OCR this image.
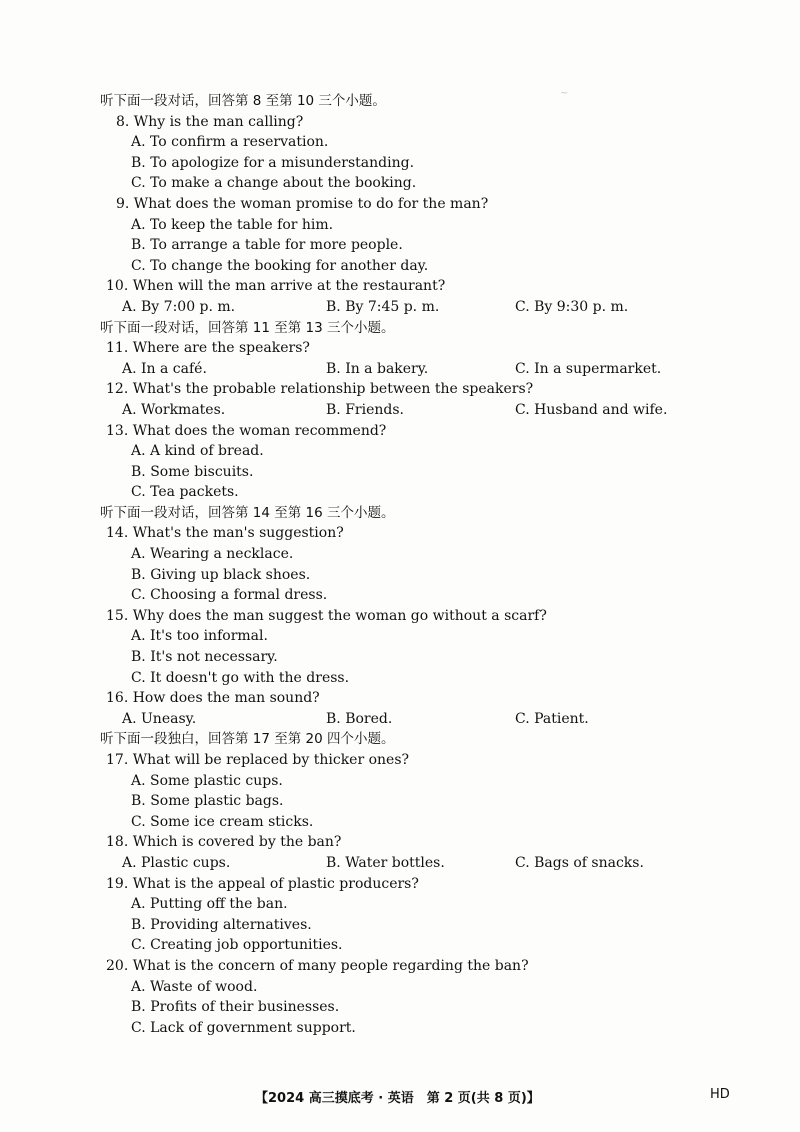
~
听下面一段对话，回答第 8 至第 10 三个小题。
8. Why is the man calling?
A. To confirm a reservation.
B. To apologize for a misunderstanding.
C. To make a change about the booking.
9. What does the woman promise to do for the man?
A. To keep the table for him.
B. To arrange a table for more people.
C. To change the booking for another day.
10. When will the man arrive at the restaurant?
A. By 7:00 p. m.	B. By 7:45 p. m.	C. By 9:30 p. m.
听下面一段对话，回答第 11 至第 13 三个小题。
11. Where are the speakers?
A. In a café.	B. In a bakery.	C. In a supermarket.
12. What's the probable relationship between the speakers?
A. Workmates.	B. Friends.	C. Husband and wife.
13. What does the woman recommend?
A. A kind of bread.
B. Some biscuits.
C. Tea packets.
听下面一段对话，回答第 14 至第 16 三个小题。
14. What's the man's suggestion?
A. Wearing a necklace.
B. Giving up black shoes.
C. Choosing a formal dress.
15. Why does the man suggest the woman go without a scarf?
A. It's too informal.
B. It's not necessary.
C. It doesn't go with the dress.
16. How does the man sound?
A. Uneasy.	B. Bored.	C. Patient.
听下面一段独白，回答第 17 至第 20 四个小题。
17. What will be replaced by thicker ones?
A. Some plastic cups.
B. Some plastic bags.
C. Some ice cream sticks.
18. Which is covered by the ban?
A. Plastic cups.	B. Water bottles.	C. Bags of snacks.
19. What is the appeal of plastic producers?
A. Putting off the ban.
B. Providing alternatives.
C. Creating job opportunities.
20. What is the concern of many people regarding the ban?
A. Waste of wood.
B. Profits of their businesses.
C. Lack of government support.
【2024 高三摸底考 · 英语　第 2 页(共 8 页)】	HD
